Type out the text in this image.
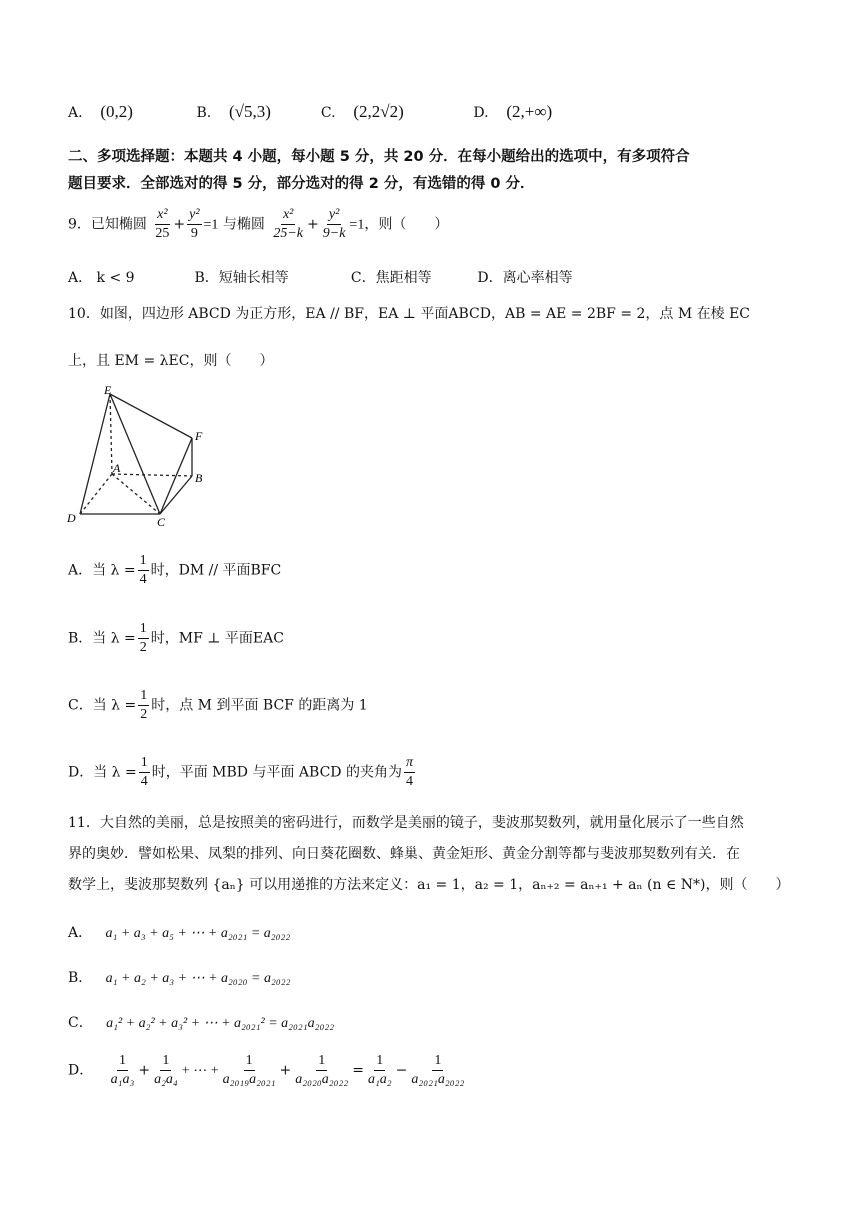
A. (0,2)	B. (√5,3)	C. (2,2√2)	D. (2,+∞)
二、多项选择题：本题共 4 小题，每小题 5 分，共 20 分．在每小题给出的选项中，有多项符合
题目要求．全部选对的得 5 分，部分选对的得 2 分，有选错的得 0 分．
9．已知椭圆 $\frac{\text{x²}}{25} + \frac{\text{y²}}{9} =1$ 与椭圆 $\frac{\text{x²}}{25-k} + \frac{\text{y²}}{9-k} =1$，则（　　）
A． k < 9	B．短轴长相等	C．焦距相等	D．离心率相等
10．如图，四边形 ABCD 为正方形，EA // BF，EA ⊥ 平面ABCD，AB = AE = 2BF = 2，点 M 在棱 EC
上，且 EM = λEC，则（　　）
E
F
A
B
D	C
A．当 $\lambda = \frac{1}{4}$ 时，DM // 平面BFC
B．当 $\lambda = \frac{1}{2}$ 时，MF ⊥ 平面EAC
C．当 $\lambda = \frac{1}{2}$ 时，点 M 到平面 BCF 的距离为 1
D．当 $\lambda = \frac{1}{4}$ 时，平面 MBD 与平面 ABCD 的夹角为 $\frac{\pi}{4}$
11．大自然的美丽，总是按照美的密码进行，而数学是美丽的镜子，斐波那契数列，就用量化展示了一些自然
界的奥妙．譬如松果、凤梨的排列、向日葵花圈数、蜂巢、黄金矩形、黄金分割等都与斐波那契数列有关．在
数学上，斐波那契数列 {aₙ} 可以用递推的方法来定义：a₁ = 1，a₂ = 1，aₙ₊₂ = aₙ₊₁ + aₙ (n ∈ N*)，则（　　）
A． a₁ + a₃ + a₅ + ⋯ + a₂₀₂₁ = a₂₀₂₂
B． a₁ + a₂ + a₃ + ⋯ + a₂₀₂₀ = a₂₀₂₂
C． a₁² + a₂² + a₃² + ⋯ + a₂₀₂₁² = a₂₀₂₁a₂₀₂₂
D． $\frac{1}{\text{a₁a₃}} + \frac{1}{\text{a₂a₄}}$ + ⋯ + $\frac{1}{\text{a₂₀₁₉a₂₀₂₁}} + \frac{1}{\text{a₂₀₂₀a₂₀₂₂}} = \frac{1}{\text{a₁a₂}} - \frac{1}{\text{a₂₀₂₁a₂₀₂₂}}$
